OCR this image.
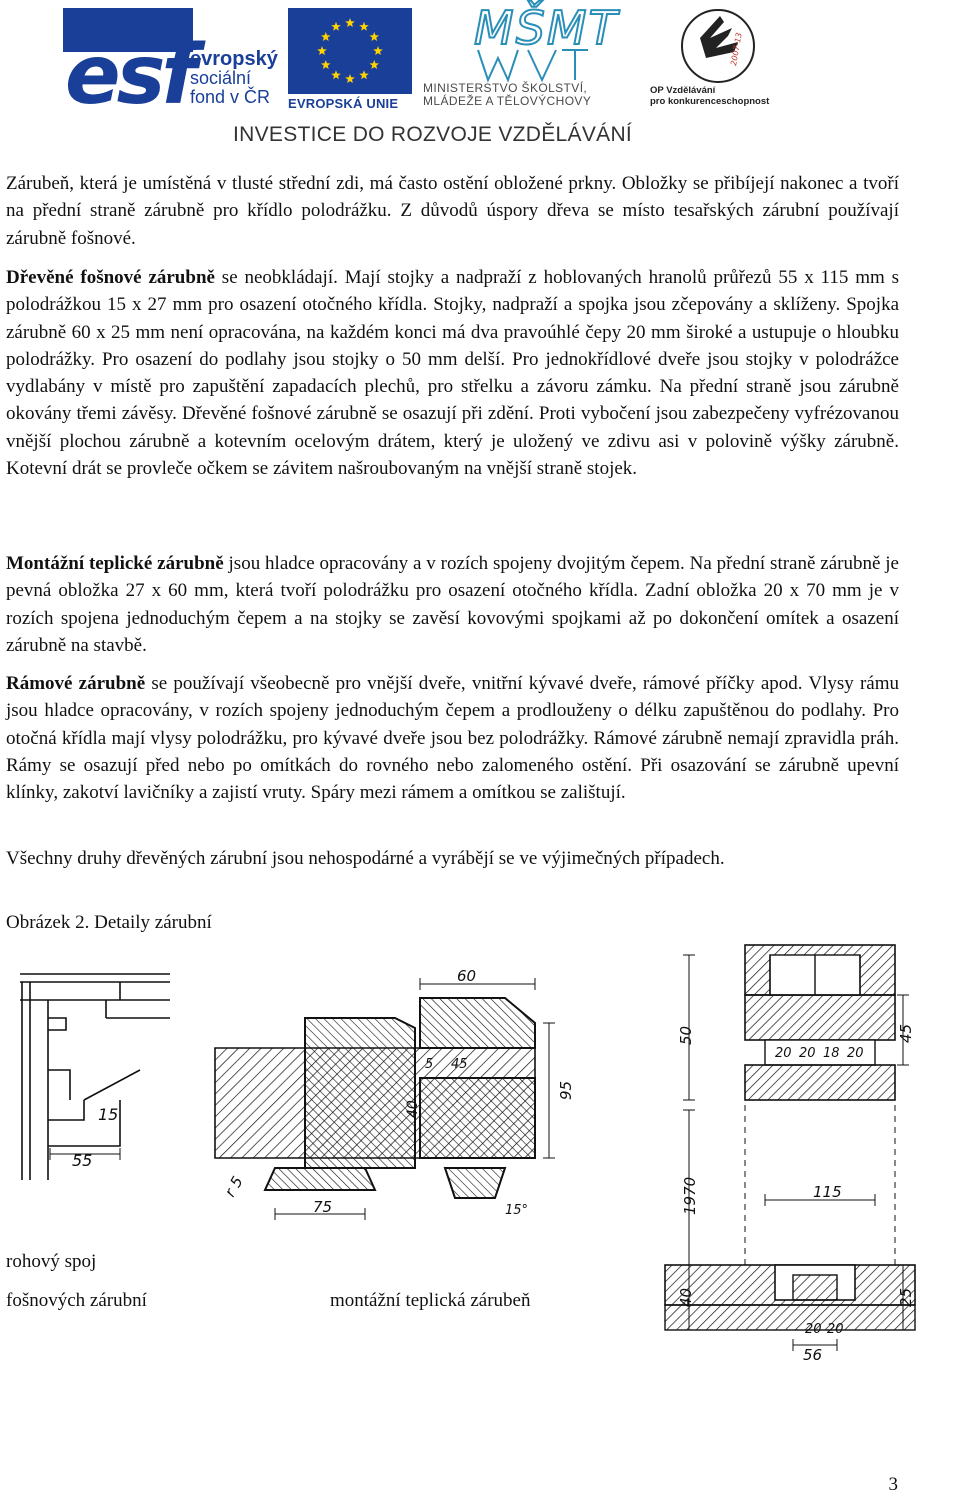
esf
evropský
sociální
fond v ČR	EVROPSKÁ UNIE
MŠMT
MINISTERSTVO ŠKOLSTVÍ,
MLÁDEŽE A TĚLOVÝCHOVY
2007-13
OP Vzdělávání
pro konkurenceschopnost
INVESTICE DO ROZVOJE VZDĚLÁVÁNÍ
Zárubeň, která je umístěná v tlusté střední zdi, má často ostění obložené prkny. Obložky se přibíjejí nakonec a tvoří na přední straně zárubně pro křídlo polodrážku. Z důvodů úspory dřeva se místo tesařských zárubní používají zárubně fošnové.
Dřevěné fošnové zárubně se neobkládají. Mají stojky a nadpraží z hoblovaných hranolů průřezů 55 x 115 mm s polodrážkou 15 x 27 mm pro osazení otočného křídla. Stojky, nadpraží a spojka jsou zčepovány a sklíženy. Spojka zárubně 60 x 25 mm není opracována, na každém konci má dva pravoúhlé čepy 20 mm široké a ustupuje o hloubku polodrážky. Pro osazení do podlahy jsou stojky o 50 mm delší. Pro jednokřídlové dveře jsou stojky v polodrážce vydlabány v místě pro zapuštění zapadacích plechů, pro střelku a závoru zámku. Na přední straně jsou zárubně okovány třemi závěsy. Dřevěné fošnové zárubně se osazují při zdění. Proti vybočení jsou zabezpečeny vyfrézovanou vnější plochou zárubně a kotevním ocelovým drátem, který je uložený ve zdivu asi v polovině výšky zárubně. Kotevní drát se provleče očkem se závitem našroubovaným na vnější straně stojek.
Montážní teplické zárubně jsou hladce opracovány a v rozích spojeny dvojitým čepem. Na přední straně zárubně je pevná obložka 27 x 60 mm, která tvoří polodrážku pro osazení otočného křídla. Zadní obložka 20 x 70 mm je v rozích spojena jednoduchým čepem a na stojky se zavěsí kovovými spojkami až po dokončení omítek a osazení zárubně na stavbě.
Rámové zárubně se používají všeobecně pro vnější dveře, vnitřní kývavé dveře, rámové příčky apod. Vlysy rámu jsou hladce opracovány, v rozích spojeny jednoduchým čepem a prodlouženy o délku zapuštěnou do podlahy. Pro otočná křídla mají vlysy polodrážku, pro kývavé dveře jsou bez polodrážky. Rámové zárubně nemají zpravidla práh. Rámy se osazují před nebo po omítkách do rovného nebo zalomeného ostění. Při osazování se zárubně upevní klínky, zakotví lavičníky a zajistí vruty. Spáry mezi rámem a omítkou se zalištují.
Všechny druhy dřevěných zárubní jsou nehospodárné a vyrábějí se ve výjimečných případech.
Obrázek 2. Detaily zárubní
15
55
60
5 45
95
40
r 5
75	15°
50	45
20 20 18 20
1970	115
40	25
20 20
56
rohový spoj
fošnových zárubní	montážní teplická zárubeň
3
